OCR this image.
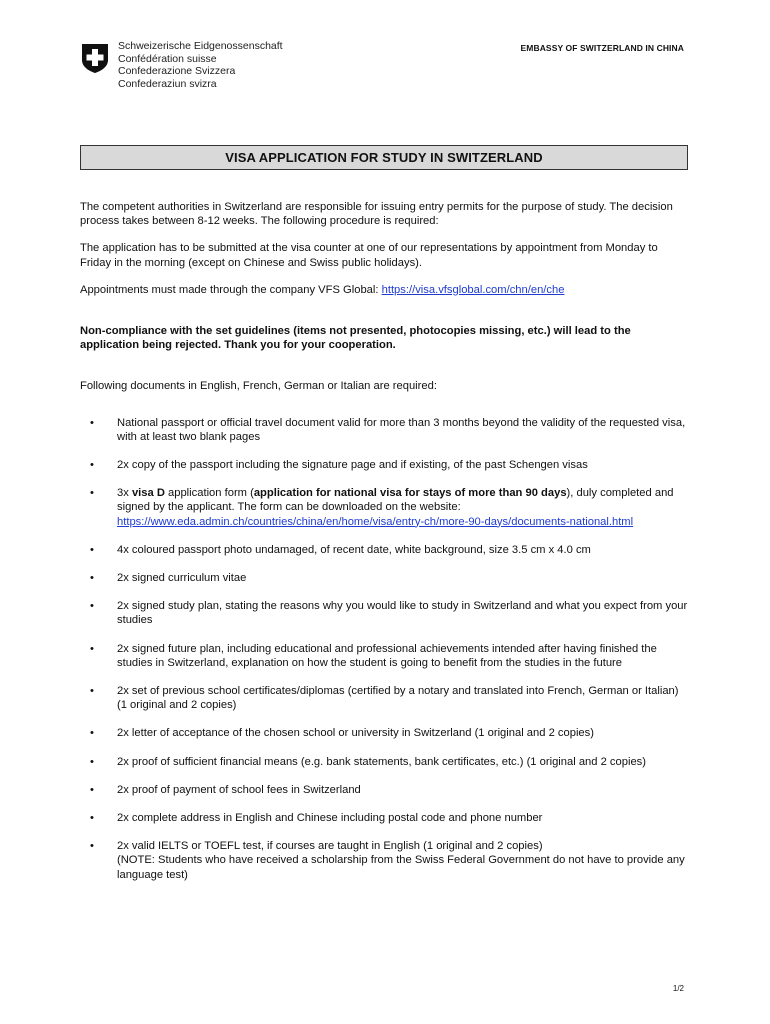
Schweizerische Eidgenossenschaft
Confédération suisse
Confederazione Svizzera
Confederaziun svizra
EMBASSY OF SWITZERLAND IN CHINA
VISA APPLICATION FOR STUDY IN SWITZERLAND

The competent authorities in Switzerland are responsible for issuing entry permits for the purpose of study. The decision process takes between 8-12 weeks. The following procedure is required:

The application has to be submitted at the visa counter at one of our representations by appointment from Monday to Friday in the morning (except on Chinese and Swiss public holidays).

Appointments must made through the company VFS Global: https://visa.vfsglobal.com/chn/en/che

Non-compliance with the set guidelines (items not presented, photocopies missing, etc.) will lead to the application being rejected. Thank you for your cooperation.

Following documents in English, French, German or Italian are required:

• National passport or official travel document valid for more than 3 months beyond the validity of the requested visa, with at least two blank pages
• 2x copy of the passport including the signature page and if existing, of the past Schengen visas
• 3x visa D application form (application for national visa for stays of more than 90 days), duly completed and signed by the applicant. The form can be downloaded on the website: https://www.eda.admin.ch/countries/china/en/home/visa/entry-ch/more-90-days/documents-national.html
• 4x coloured passport photo undamaged, of recent date, white background, size 3.5 cm x 4.0 cm
• 2x signed curriculum vitae
• 2x signed study plan, stating the reasons why you would like to study in Switzerland and what you expect from your studies
• 2x signed future plan, including educational and professional achievements intended after having finished the studies in Switzerland, explanation on how the student is going to benefit from the studies in the future
• 2x set of previous school certificates/diplomas (certified by a notary and translated into French, German or Italian) (1 original and 2 copies)
• 2x letter of acceptance of the chosen school or university in Switzerland (1 original and 2 copies)
• 2x proof of sufficient financial means (e.g. bank statements, bank certificates, etc.) (1 original and 2 copies)
• 2x proof of payment of school fees in Switzerland
• 2x complete address in English and Chinese including postal code and phone number
• 2x valid IELTS or TOEFL test, if courses are taught in English (1 original and 2 copies)
(NOTE: Students who have received a scholarship from the Swiss Federal Government do not have to provide any language test)
1/2
